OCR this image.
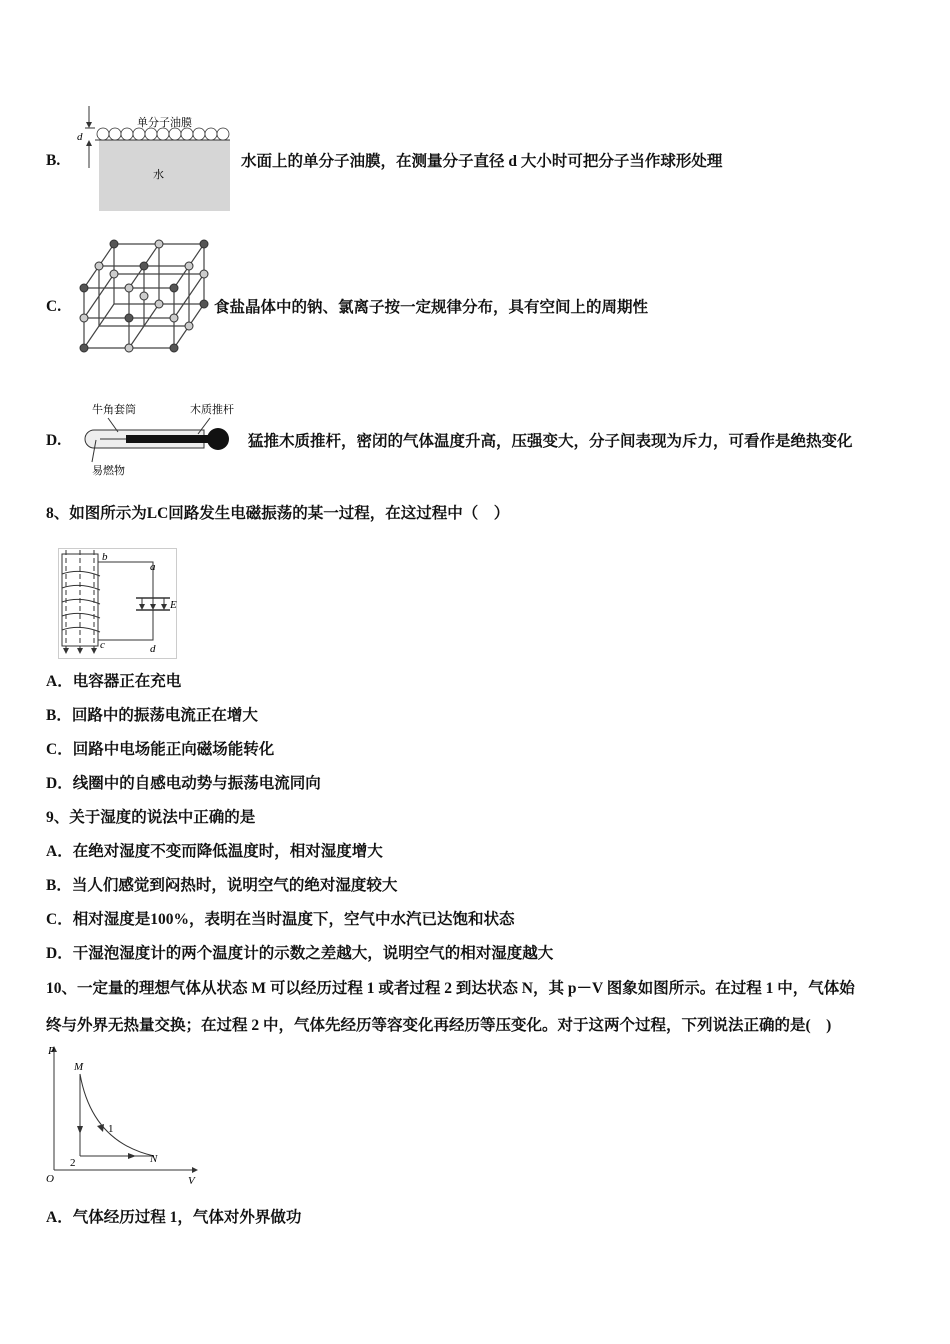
B.
单分子油膜
d
水
水面上的单分子油膜，在测量分子直径 d 大小时可把分子当作球形处理
C.	食盐晶体中的钠、氯离子按一定规律分布，具有空间上的周期性
D.
牛角套筒	木质推杆
易燃物
猛推木质推杆，密闭的气体温度升高，压强变大，分子间表现为斥力，可看作是绝热变化
8、如图所示为LC回路发生电磁振荡的某一过程，在这过程中（　）
b
a
E
d
c
A．电容器正在充电
B．回路中的振荡电流正在增大
C．回路中电场能正向磁场能转化
D．线圈中的自感电动势与振荡电流同向
9、关于湿度的说法中正确的是
A．在绝对湿度不变而降低温度时，相对湿度增大
B．当人们感觉到闷热时，说明空气的绝对湿度较大
C．相对湿度是100%，表明在当时温度下，空气中水汽已达饱和状态
D．干湿泡湿度计的两个温度计的示数之差越大，说明空气的相对湿度越大
10、一定量的理想气体从状态 M 可以经历过程 1 或者过程 2 到达状态 N，其 p－V 图象如图所示。在过程 1 中，气体始
终与外界无热量交换；在过程 2 中，气体先经历等容变化再经历等压变化。对于这两个过程，下列说法正确的是(　)
P
V
O
M
N
1
2
A．气体经历过程 1，气体对外界做功
